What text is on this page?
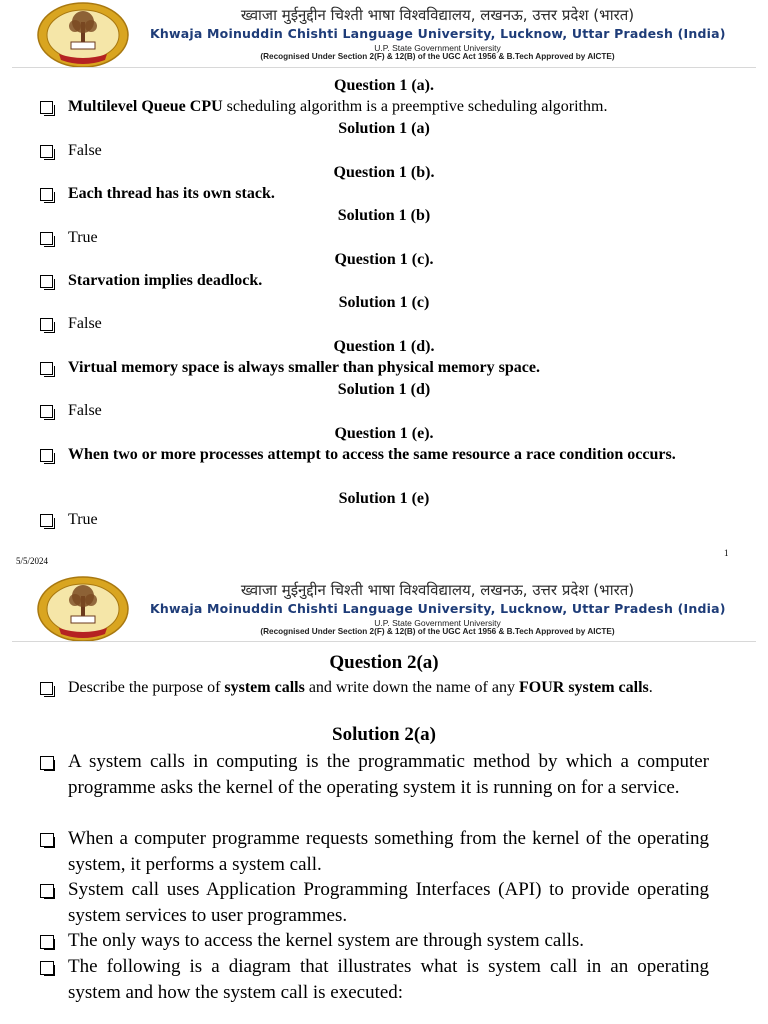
ख्वाजा मुईनुद्दीन चिश्ती भाषा विश्वविद्यालय, लखनऊ, उत्तर प्रदेश (भारत)
Khwaja Moinuddin Chishti Language University, Lucknow, Uttar Pradesh (India)
U.P. State Government University
(Recognised Under Section 2(F) & 12(B) of the UGC Act 1956 & B.Tech Approved by AICTE)
Question 1 (a).
Multilevel Queue CPU scheduling algorithm is a preemptive scheduling algorithm.
Solution 1 (a)
False
Question 1 (b).
Each thread has its own stack.
Solution 1 (b)
True
Question 1 (c).
Starvation implies deadlock.
Solution 1 (c)
False
Question 1 (d).
Virtual memory space is always smaller than physical memory space.
Solution 1 (d)
False
Question 1 (e).
When two or more processes attempt to access the same resource a race condition occurs.
Solution 1 (e)
True
5/5/2024
1
ख्वाजा मुईनुद्दीन चिश्ती भाषा विश्वविद्यालय, लखनऊ, उत्तर प्रदेश (भारत)
Khwaja Moinuddin Chishti Language University, Lucknow, Uttar Pradesh (India)
U.P. State Government University
(Recognised Under Section 2(F) & 12(B) of the UGC Act 1956 & B.Tech Approved by AICTE)
Question 2(a)
Describe the purpose of system calls and write down the name of any FOUR system calls.
Solution 2(a)
A system calls in computing is the programmatic method by which a computer programme asks the kernel of the operating system it is running on for a service.
When a computer programme requests something from the kernel of the operating system, it performs a system call.
System call uses Application Programming Interfaces (API) to provide operating system services to user programmes.
The only ways to access the kernel system are through system calls.
The following is a diagram that illustrates what is system call in an operating system and how the system call is executed:
